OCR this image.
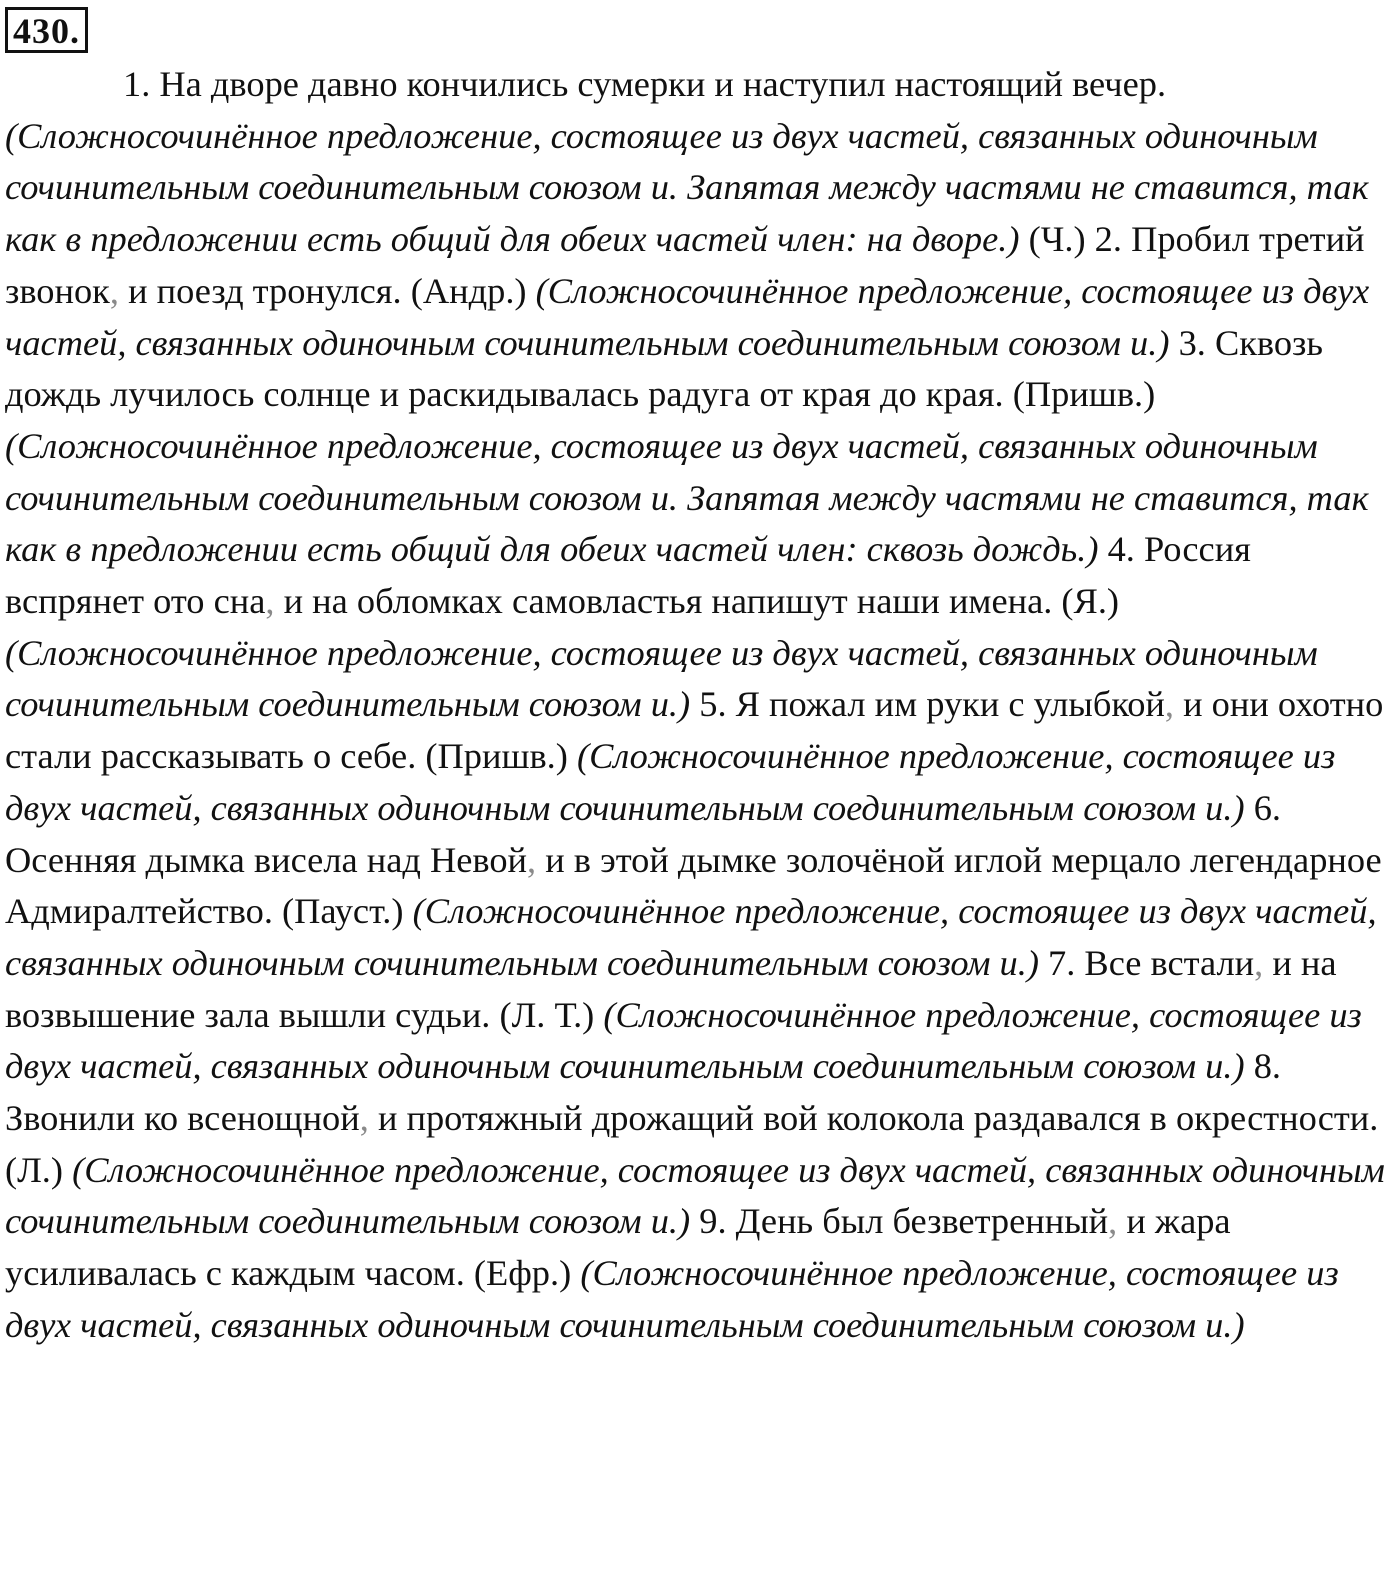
430.

1. На дворе давно кончились сумерки и наступил настоящий вечер. (Сложносочинённое предложение, состоящее из двух частей, связанных одиночным сочинительным соединительным союзом и. Запятая между частями не ставится, так как в предложении есть общий для обеих частей член: на дворе.) (Ч.) 2. Пробил третий звонок, и поезд тронулся. (Андр.) (Сложносочинённое предложение, состоящее из двух частей, связанных одиночным сочинительным соединительным союзом и.) 3. Сквозь дождь лучилось солнце и раскидывалась радуга от края до края. (Пришв.) (Сложносочинённое предложение, состоящее из двух частей, связанных одиночным сочинительным соединительным союзом и. Запятая между частями не ставится, так как в предложении есть общий для обеих частей член: сквозь дождь.) 4. Россия вспрянет ото сна, и на обломках самовластья напишут наши имена. (Я.) (Сложносочинённое предложение, состоящее из двух частей, связанных одиночным сочинительным соединительным союзом и.) 5. Я пожал им руки с улыбкой, и они охотно стали рассказывать о себе. (Пришв.) (Сложносочинённое предложение, состоящее из двух частей, связанных одиночным сочинительным соединительным союзом и.) 6. Осенняя дымка висела над Невой, и в этой дымке золочёной иглой мерцало легендарное Адмиралтейство. (Пауст.) (Сложносочинённое предложение, состоящее из двух частей, связанных одиночным сочинительным соединительным союзом и.) 7. Все встали, и на возвышение зала вышли судьи. (Л. Т.) (Сложносочинённое предложение, состоящее из двух частей, связанных одиночным сочинительным соединительным союзом и.) 8. Звонили ко всенощной, и протяжный дрожащий вой колокола раздавался в окрестности. (Л.) (Сложносочинённое предложение, состоящее из двух частей, связанных одиночным сочинительным соединительным союзом и.) 9. День был безветренный, и жара усиливалась с каждым часом. (Ефр.) (Сложносочинённое предложение, состоящее из двух частей, связанных одиночным сочинительным соединительным союзом и.)
